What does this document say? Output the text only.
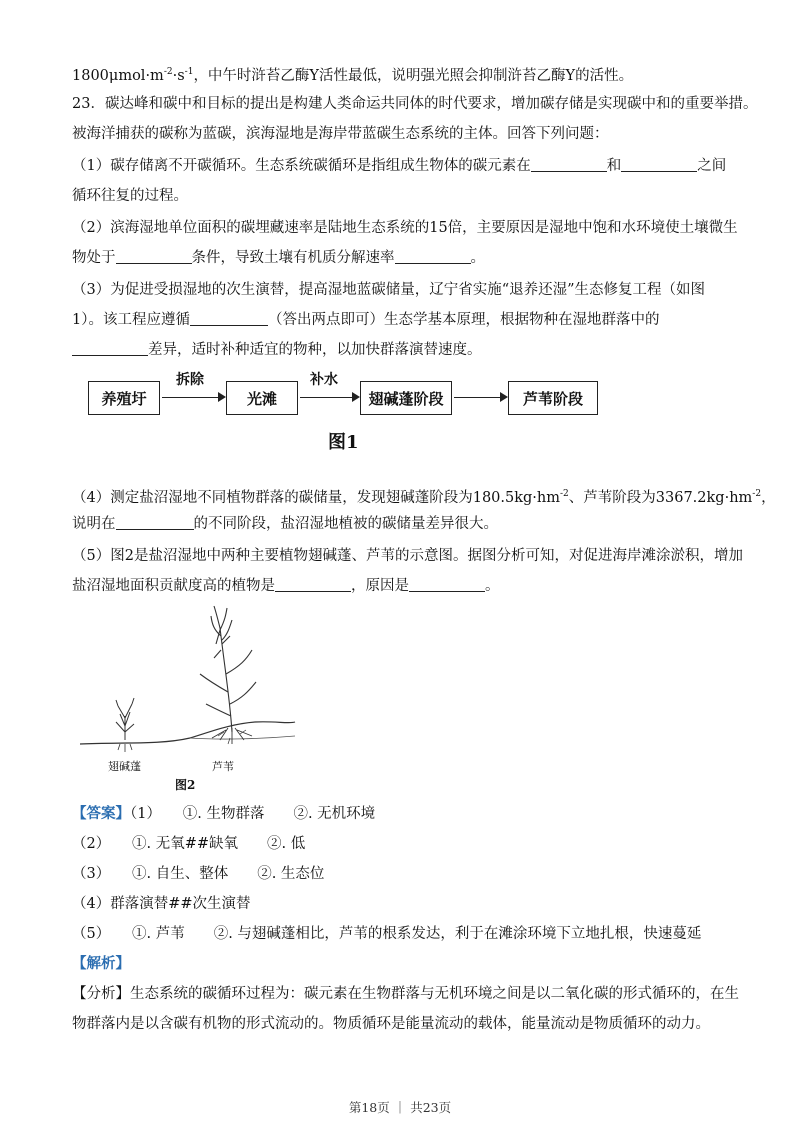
$1800\mu mol\cdot m^{-2}\cdot s^{-1}$，中午时浒苔乙酶Y活性最低，说明强光照会抑制浒苔乙酶Y的活性。
23．碳达峰和碳中和目标的提出是构建人类命运共同体的时代要求，增加碳存储是实现碳中和的重要举措。
被海洋捕获的碳称为蓝碳，滨海湿地是海岸带蓝碳生态系统的主体。回答下列问题：
（1）碳存储离不开碳循环。生态系统碳循环是指组成生物体的碳元素在	和	之间
循环往复的过程。
（2）滨海湿地单位面积的碳埋藏速率是陆地生态系统的15倍，主要原因是湿地中饱和水环境使土壤微生
物处于	条件，导致土壤有机质分解速率	。
（3）为促进受损湿地的次生演替，提高湿地蓝碳储量，辽宁省实施“退养还湿”生态修复工程（如图
1）。该工程应遵循	（答出两点即可）生态学基本原理，根据物种在湿地群落中的
差异，适时补种适宜的物种，以加快群落演替速度。
养殖圩
拆除
光滩
补水
翅碱蓬阶段	芦苇阶段
图1
（4）测定盐沼湿地不同植物群落的碳储量，发现翅碱蓬阶段为$180.5kg\cdot hm^{-2}$、芦苇阶段为$3367.2kg\cdot hm^{-2}$，
说明在	的不同阶段，盐沼湿地植被的碳储量差异很大。
（5）图2是盐沼湿地中两种主要植物翅碱蓬、芦苇的示意图。据图分析可知，对促进海岸滩涂淤积，增加
盐沼湿地面积贡献度高的植物是	，原因是	。
翅碱蓬	芦苇
图2
【答案】（1）　　①. 生物群落　　②. 无机环境
（2）　　①. 无氧##缺氧　　②. 低
（3）　　①. 自生、整体　　②. 生态位
（4）群落演替##次生演替
（5）　　①. 芦苇　　②. 与翅碱蓬相比，芦苇的根系发达，利于在滩涂环境下立地扎根，快速蔓延
【解析】
【分析】生态系统的碳循环过程为：碳元素在生物群落与无机环境之间是以二氧化碳的形式循环的，在生
物群落内是以含碳有机物的形式流动的。物质循环是能量流动的载体，能量流动是物质循环的动力。
第18页 ｜ 共23页
